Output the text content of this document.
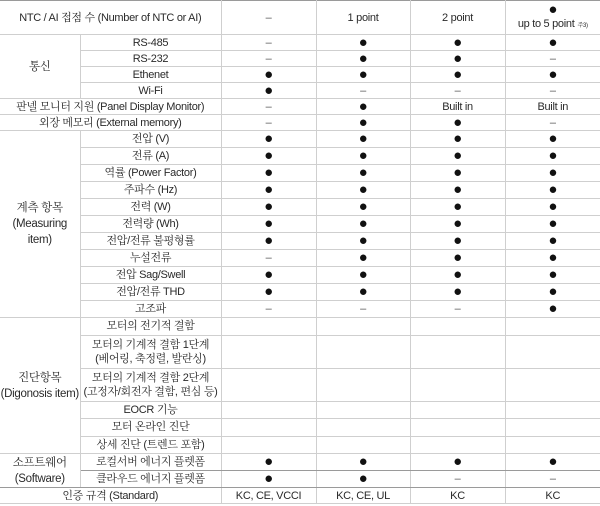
NTC / AI 접점 수 (Number of NTC or AI)		–	1 point	2 point	●
up to 5 point 주3)
통신	RS-485	–	●	●	●
	RS-232	–	●	●	–
	Ethenet	●	●	●	●
	Wi-Fi	●	–	–	–
판넬 모니터 지원 (Panel Display Monitor)		–	●	Built in	Built in
외장 메모리 (External memory)		–	●	●	–
계측 항목 (Measuring item)	전압 (V)	●	●	●	●
	전류 (A)	●	●	●	●
	역률 (Power Factor)	●	●	●	●
	주파수 (Hz)	●	●	●	●
	전력 (W)	●	●	●	●
	전력량 (Wh)	●	●	●	●
	전압/전류 불평형률	●	●	●	●
	누설전류	–	●	●	●
	전압 Sag/Swell	●	●	●	●
	전압/전류 THD	●	●	●	●
	고조파	–	–	–	●
진단항목 (Digonosis item)	모터의 전기적 결함				
	모터의 기계적 결함 1단계
(베어링, 축정렬, 발란싱)				
	모터의 기계적 결함 2단계
(고정자/회전자 결함, 편심 등)				
	EOCR 기능				
	모터 온라인 진단				
	상세 진단 (트렌드 포함)				
소프트웨어 (Software)	로컬서버 에너지 플렛폼	●	●	●	●
	클라우드 에너지 플렛폼	●	●	–	–
인증 규격 (Standard)		KC, CE, VCCI	KC, CE, UL	KC	KC
